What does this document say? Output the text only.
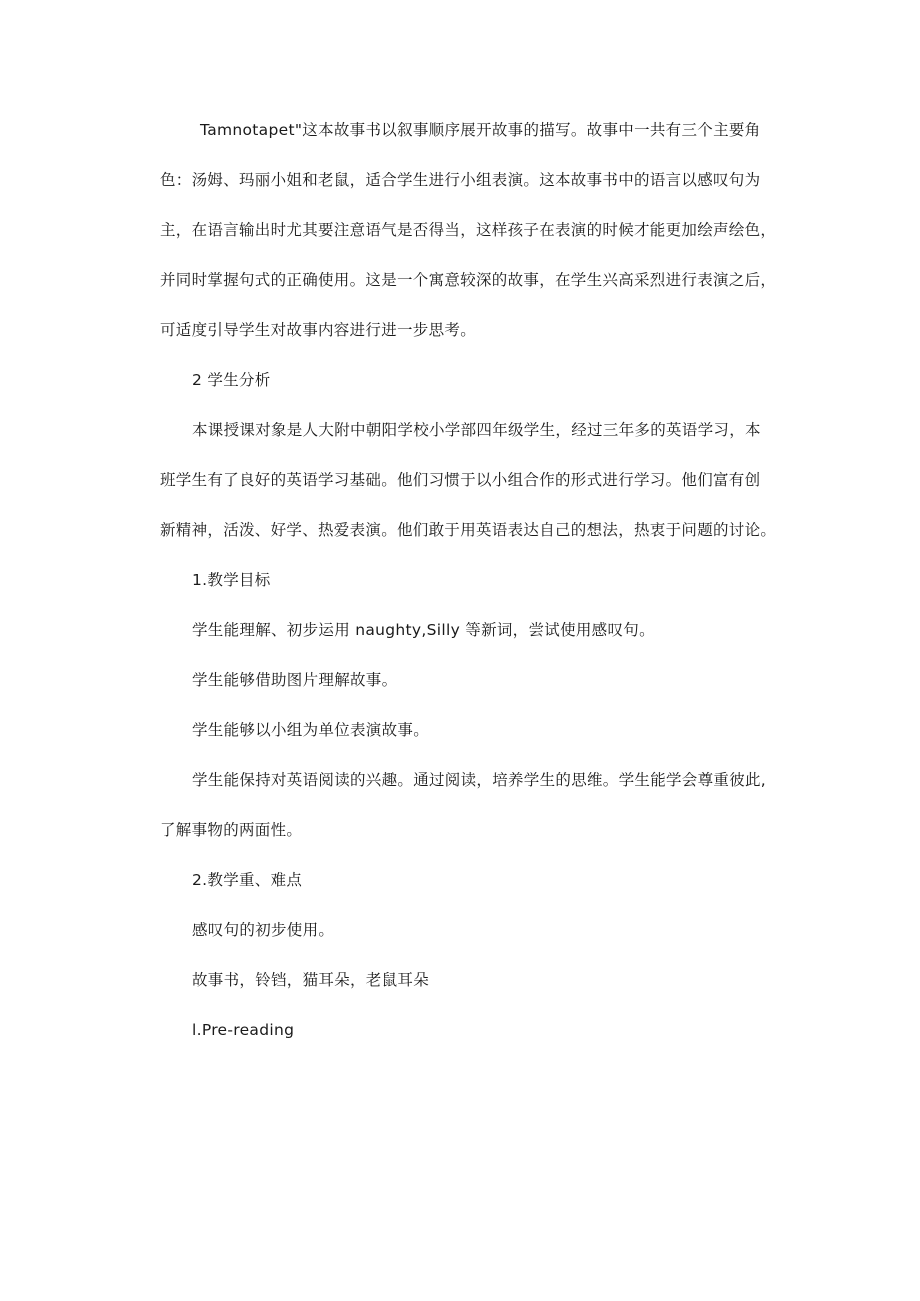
Tamnotapet"这本故事书以叙事顺序展开故事的描写。故事中一共有三个主要角
色：汤姆、玛丽小姐和老鼠，适合学生进行小组表演。这本故事书中的语言以感叹句为
主，在语言输出时尤其要注意语气是否得当，这样孩子在表演的时候才能更加绘声绘色，
并同时掌握句式的正确使用。这是一个寓意较深的故事，在学生兴高采烈进行表演之后，
可适度引导学生对故事内容进行进一步思考。
2 学生分析
本课授课对象是人大附中朝阳学校小学部四年级学生，经过三年多的英语学习，本
班学生有了良好的英语学习基础。他们习惯于以小组合作的形式进行学习。他们富有创
新精神，活泼、好学、热爱表演。他们敢于用英语表达自己的想法，热衷于问题的讨论。
1.教学目标
学生能理解、初步运用 naughty,Silly 等新词，尝试使用感叹句。
学生能够借助图片理解故事。
学生能够以小组为单位表演故事。
学生能保持对英语阅读的兴趣。通过阅读，培养学生的思维。学生能学会尊重彼此,
了解事物的两面性。
2.教学重、难点
感叹句的初步使用。
故事书，铃铛，猫耳朵，老鼠耳朵
l.Pre-reading
